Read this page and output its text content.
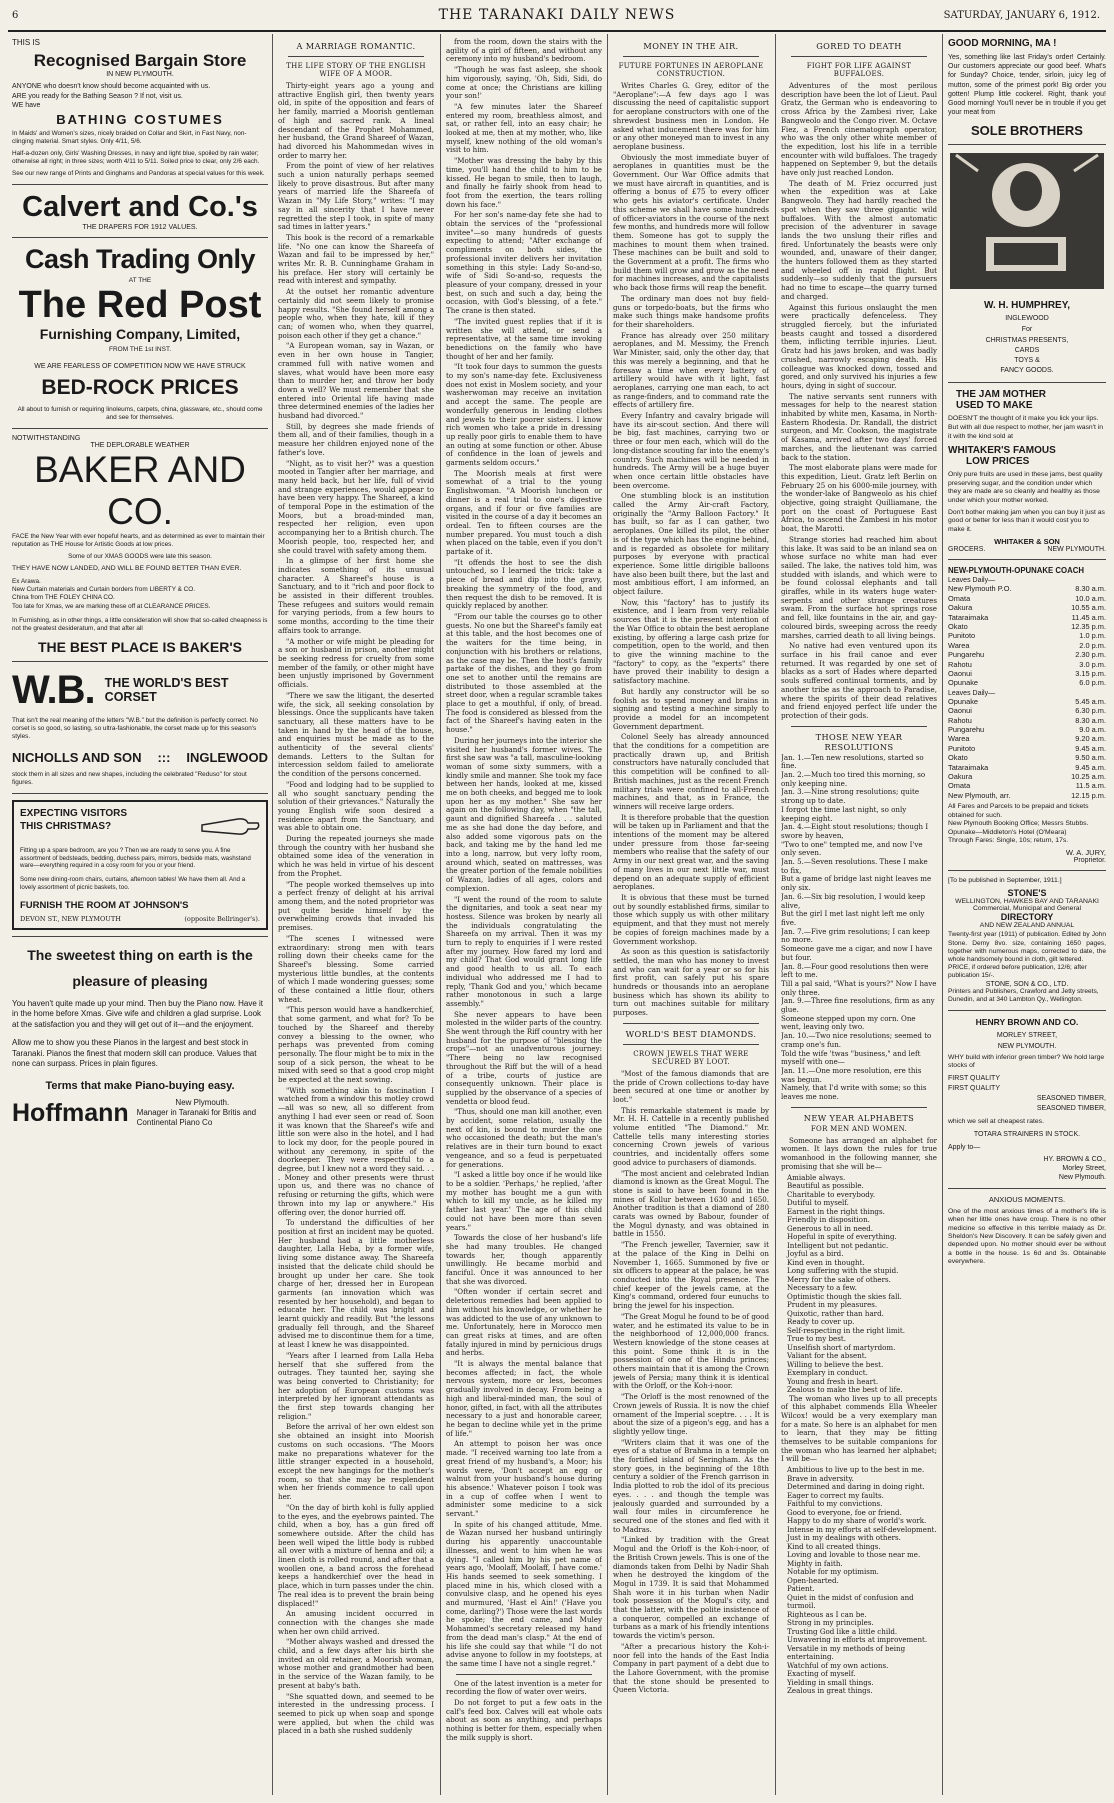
6	THE TARANAKI DAILY NEWS	SATURDAY, JANUARY 6, 1912.
THIS IS
Recognised Bargain Store
IN NEW PLYMOUTH.
ANYONE who doesn't know should become acquainted with us.
ARE you ready for the Bathing Season ? If not, visit us.
WE have
BATHING COSTUMES
In Maids' and Women's sizes, nicely braided on Collar and Skirt, in Fast Navy, non-clinging material. Smart styles. Only 4/11, 5/6.
Half-a-dozen only, Girls' Washing Dresses, in navy and light blue, spoiled by rain water; otherwise all right; in three sizes; worth 4/11 to 5/11. Soiled price to clear, only 2/6 each.
See our new range of Prints and Ginghams and Pandoras at special values for this week.
Calvert and Co.'s
THE DRAPERS FOR 1912 VALUES.
Cash Trading Only
AT THE
The Red Post
Furnishing Company, Limited,
FROM THE 1st INST.
WE ARE FEARLESS OF COMPETITION NOW WE HAVE STRUCK
BED-ROCK PRICES
All about to furnish or requiring linoleums, carpets, china, glassware, etc., should come and see for themselves.
NOTWITHSTANDING
THE DEPLORABLE WEATHER
BAKER AND CO.
FACE the New Year with ever hopeful hearts, and as determined as ever to maintain their reputation as THE House for Artistic Goods at low prices.
Some of our XMAS GOODS were late this season.
THEY HAVE NOW LANDED, AND WILL BE FOUND BETTER THAN EVER.
Ex Arawa.
New Curtain materials and Curtain borders from LIBERTY & CO.
China from THE FOLEY CHINA CO.
Too late for Xmas, we are marking these off at CLEARANCE PRICES.
In Furnishing, as in other things, a little consideration will show that so-called cheapness is not the greatest desideratum, and that after all
THE BEST PLACE IS BAKER'S
W.B. THE WORLD'S BEST CORSET
That isn't the real meaning of the letters "W.B." but the definition is perfectly correct. No corset is so good, so lasting, so ultra-fashionable, the corset made up for this season's styles.
NICHOLLS AND SON ::: INGLEWOOD
stock them in all sizes and new shapes, including the celebrated "Reduso" for stout figures.
EXPECTING VISITORS
THIS CHRISTMAS?
Fitting up a spare bedroom, are you ? Then we are ready to serve you. A fine assortment of bedsteads, bedding, duchess pairs, mirrors, bedside mats, washstand ware—everything required in a cosy room for you or your friend.
Some new dining-room chairs, curtains, afternoon tables! We have them all. And a lovely assortment of picnic baskets, too.
FURNISH THE ROOM AT JOHNSON'S
DEVON ST., NEW PLYMOUTH	(opposite Bellringer's).
The sweetest thing on earth is the
pleasure of pleasing
You haven't quite made up your mind. Then buy the Piano now. Have it in the home before Xmas. Give wife and children a glad surprise. Look at the satisfaction you and they will get out of it—and the enjoyment.
Allow me to show you these Pianos in the largest and best stock in Taranaki. Pianos the finest that modern skill can produce. Values that none can surpass. Prices in plain figures.
Terms that make Piano-buying easy.
Hoffmann	New Plymouth.
Manager in Taranaki for Britis and Continental Piano Co
A MARRIAGE ROMANTIC.
THE LIFE STORY OF THE ENGLISH WIFE OF A MOOR.

Thirty-eight years ago a young and attractive English girl, then twenty years old, in spite of the opposition and fears of her family, married a Moorish gentleman of high and sacred rank. A lineal descendant of the Prophet Mohammed, her husband, the Grand Shareef of Wazan, had divorced his Mahommedan wives in order to marry her.

From the point of view of her relatives such a union naturally perhaps seemed likely to prove disastrous. But after many years of married life the Shareefa of Wazan in "My Life Story," writes: "I may say in all sincerity that I have never regretted the step I took, in spite of many sad times in latter years."

This book is the record of a remarkable life. "No one can know the Shareefa of Wazan and fail to be impressed by her," writes Mr. R. B. Cunninghame Graham in his preface. Her story will certainly be read with interest and sympathy.

At the outset her romantic adventure certainly did not seem likely to promise happy results. "She found herself among a people who, when they hate, kill if they can; of women who, when they quarrel, poison each other if they get a chance."

"A European woman, say in Wazan, or even in her own house in Tangier, crammed full with native women and slaves, what would have been more easy than to murder her, and throw her body down a well? We must remember that she entered into Oriental life having made three determined enemies of the ladies her husband had divorced."

Still, by degrees she made friends of them all, and of their families, though in a measure her children enjoyed none of the father's love.

"Night, as to visit her?" was a question mooted in Tangier after her marriage, and many held back, but her life, full of vivid and strange experiences, would appear to have been very happy. The Shareef, a kind of temporal Pope in the estimation of the Moors, but a broad-minded man, respected her religion, even upon accompanying her to a British church. The Moorish people, too, respected her, and she could travel with safety among them.

In a glimpse of her first home she indicates something of its unusual character. A Shareef's house is a Sanctuary, and to it "rich and poor flock to be assisted in their different troubles. These refugees and suitors would remain for varying periods, from a few hours to some months, according to the time their affairs took to arrange.

"A mother or wife might be pleading for a son or husband in prison, another might be seeking redress for cruelty from some member of the family, or other might have been unjustly imprisoned by Government officials.

"There we saw the litigant, the deserted wife, the sick, all seeking consolation by blessings. Once the supplicants have taken sanctuary, all these matters have to be taken in hand by the head of the house, and enquiries must be made as to the authenticity of the several clients' demands. Letters to the Sultan for intercession seldom failed to ameliorate the condition of the persons concerned.

"Food and lodging had to be supplied to all who sought sanctuary pending the solution of their grievances." Naturally the young English wife soon desired a residence apart from the Sanctuary, and was able to obtain one.

During the repeated journeys she made through the country with her husband she obtained some idea of the veneration in which he was held in virtue of his descent from the Prophet.

"The people worked themselves up into a perfect frenzy of delight at his arrival among them, and the noted proprietor was put quite beside himself by the overwhelming crowds that invaded his premises.

"The scenes I witnessed were extraordinary: strong men with tears rolling down their cheeks came for the Shareef's blessing. Some carried mysterious little bundles, at the contents of which I made wondering guesses; some of these contained a little flour, others wheat.

"This person would have a handkerchief, that some garment, and what for? To be touched by the Shareef and thereby convey a blessing to the owner, who perhaps was prevented from coming personally. The flour might be to mix in the soup of a sick person, the wheat to be mixed with seed so that a good crop might be expected at the next sowing.

"With something akin to fascination I watched from a window this motley crowd—all was so new, all so different from anything I had ever seen or read of. Soon it was known that the Shareef's wife and little son were also in the hotel, and I had to lock my door, for the people poured in without any ceremony, in spite of the doorkeeper. They were respectful to a degree, but I knew not a word they said. . . . Money and other presents were thrust upon us, and there was no chance of refusing or returning the gifts, which were thrown into my lap or anywhere." His offering over, the donor hurried off.

To understand the difficulties of her position at first an incident may be quoted. Her husband had a little motherless daughter, Lalla Heba, by a former wife, living some distance away. The Shareefa insisted that the delicate child should be brought up under her care. She took charge of her, dressed her in European garments (an innovation which was resented by her household), and began to educate her. The child was bright and learnt quickly and readily. But "the lessons gradually fell through, and the Shareef advised me to discontinue them for a time, at least I knew he was disappointed.

"Years after I learned from Lalla Heba herself that she suffered from the outrages. They taunted her, saying she was being converted to Christianity; for her adoption of European customs was interpreted by her ignorant attendants as the first step towards changing her religion."

Before the arrival of her own eldest son she obtained an insight into Moorish customs on such occasions. "The Moors make no preparations whatever for the little stranger expected in a household, except the new hangings for the mother's room, so that she may be resplendent when her friends commence to call upon her.

"On the day of birth kohl is fully applied to the eyes, and the eyebrows painted. The child, when a boy, has a gun fired off somewhere outside. After the child has been well wiped the little body is rubbed all over with a mixture of henna and oil; a linen cloth is rolled round, and after that a woollen one, a band across the forehead keeps a handkerchief over the head in place, which in turn passes under the chin. The real idea is to prevent the brain being displaced!"

An amusing incident occurred in connection with the changes she made when her own child arrived.

"Mother always washed and dressed the child, and a few days after his birth she invited an old retainer, a Moorish woman, whose mother and grandmother had been in the service of the Wazan family, to be present at baby's bath.

"She squatted down, and seemed to be interested in the undressing process. I seemed to pick up when soap and sponge were applied, but when the child was placed in a bath she rushed suddenly

from the room, down the stairs with the agility of a girl of fifteen, and without any ceremony into my husband's bedroom.

"Though he was fast asleep, she shook him vigorously, saying, 'Oh, Sidi, Sidi, do come at once; the Christians are killing your son!'

"A few minutes later the Shareef entered my room, breathless almost, and sat, or rather fell, into an easy chair; he looked at me, then at my mother, who, like myself, knew nothing of the old woman's visit to him.

"Mother was dressing the baby by this time, you'll hand the child to him to be kissed. He began to smile, then to laugh, and finally he fairly shook from head to foot from the exertion, the tears rolling down his face."

For her son's name-day fete she had to obtain the services of the "professional invitee"—so many hundreds of guests expecting to attend; "After exchange of compliments on both sides, the professional inviter delivers her invitation something in this style: Lady So-and-so, wife of Sidi So-and-so, requests the pleasure of your company, dressed in your best, on such and such a day, being the occasion, with God's blessing, of a fete." The crane is then stated.

"The invited guest replies that if it is written she will attend, or send a representative, at the same time invoking benedictions on the family who have thought of her and her family.

"It took four days to summon the guests to my son's name-day fete. Exclusiveness does not exist in Moslem society, and your washerwoman may receive an invitation and accept the same. The people are wonderfully generous in lending clothes and jewels to their poorer sisters. I know rich women who take a pride in dressing up really poor girls to enable them to have an outing at some function or other. Abuse of confidence in the loan of jewels and garments seldom occurs."

The Moorish meals at first were somewhat of a trial to the young Englishwoman. "A Moorish luncheon or dinner is a real trial to one's digestive organs, and if four or five families are visited in the course of a day it becomes an ordeal. Ten to fifteen courses are the number prepared. You must touch a dish when placed on the table, even if you don't partake of it.

"It offends the host to see the dish untouched, so I learned the trick: take a piece of bread and dip into the gravy, breaking the symmetry of the food, and then request the dish to be removed. It is quickly replaced by another.

"From our table the courses go to other guests. No one but the Shareef's family eat at this table, and the host becomes one of the waiters for the time being, in conjunction with his brothers or relations, as the case may be. Then the host's family partake of the dishes, and they go from one set to another until the remains are distributed to those assembled at the street door, when a regular scramble takes place to get a mouthful, if only, of bread. The food is considered as blessed from the fact of the Shareef's having eaten in the house."

During her journeys into the interior she visited her husband's former wives. The first she saw was "a tall, masculine-looking woman of some sixty summers, with a kindly smile and manner. She took my face between her hands, looked at me, kissed me on both cheeks, and begged me to look upon her as my mother." She saw her again on the following day, when "the tall, gaunt and dignified Shareefa . . . saluted me as she had done the day before, and also added some vigorous pats on the back, and taking me by the hand led me into a long, narrow, but very lofty room, around which, seated on mattresses, was the greater portion of the female nobilities of Wazan, ladies of all ages, colors and complexion.

"I went the round of the room to salute the dignitaries, and took a seat near my hostess. Silence was broken by nearly all the individuals congratulating the Shareefa on my arrival. Then it was my turn to reply to enquiries if I were rested after my journey. How fared my lord and my child? That God would grant long life and good health to us all. To each individual who addressed me I had to reply, 'Thank God and you,' which became rather monotonous in such a large assembly."

She never appears to have been molested in the wilder parts of the country. She went through the Riff country with her husband for the purpose of "blessing the crops"—not an unadventurous journey: "There being no law recognised throughout the Riff but the will of a head of a tribe, courts of justice are consequently unknown. Their place is supplied by the observance of a species of vendetta or blood feud.

"Thus, should one man kill another, even by accident, some relation, usually the next of kin, is bound to murder the one who occasioned the death; but the man's relatives are in their turn bound to exact vengeance, and so a feud is perpetuated for generations.

"I asked a little boy once if he would like to be a soldier. 'Perhaps,' he replied, 'after my mother has bought me a gun with which to kill my uncle, as he killed my father last year.' The age of this child could not have been more than seven years."

Towards the close of her husband's life she had many troubles. He changed towards her, though apparently unwillingly. He became morbid and fanciful. Once it was announced to her that she was divorced.

"Often wonder if certain secret and deleterious remedies had been applied to him without his knowledge, or whether he was addicted to the use of any unknown to me. Unfortunately, here in Morocco men can great risks at times, and are often fatally injured in mind by pernicious drugs and herbs.

"It is always the mental balance that becomes affected; in fact, the whole nervous system, more or less, becomes gradually involved in decay. From being a high and liberal-minded man, the soul of honor, gifted, in fact, with all the attributes necessary to a just and honorable career, he began to decline while yet in the prime of life."

An attempt to poison her was once made. "I received warning too late from a great friend of my husband's, a Moor; his words were, 'Don't accept an egg or walnut from your husband's house during his absence.' Whatever poison I took was in a cup of coffee when I went to administer some medicine to a sick servant."

In spite of his changed attitude, Mme. de Wazan nursed her husband untiringly during his apparently unaccountable illnesses, and went to him when he was dying. "I called him by his pet name of years ago, 'Moolaff, Moolaff, I have come.' His hands seemed to seek something. I placed mine in his, which closed with a convulsive clasp, and he opened his eyes and murmured, 'Hast el Ain!' ('Have you come, darling?') Those were the last words he spoke; the end came, and Muley Mohammed's secretary released my hand from the dead man's clasp." At the end of his life she could say that while "I do not advise anyone to follow in my footsteps, at the same time I have not a single regret."

One of the latest invention is a meter for recording the flow of water over weirs.

Do not forget to put a few oats in the calf's feed box. Calves will eat whole oats about as soon as anything, and perhaps nothing is better for them, especially when the milk supply is short.

MONEY IN THE AIR.
FUTURE FORTUNES IN AEROPLANE CONSTRUCTION.

Writes Charles G. Grey, editor of the "Aeroplane":—A few days ago I was discussing the need of capitalistic support for aeroplane constructors with one of the shrewdest business men in London. He asked what inducement there was for him or any other moneyed man to invest in any aeroplane business.

Obviously the most immediate buyer of aeroplanes in quantities must be the Government. Our War Office admits that we must have aircraft in quantities, and is offering a bonus of £75 to every officer who gets his aviator's certificate. Under this scheme we shall have some hundreds of officer-aviators in the course of the next few months, and hundreds more will follow them. Someone has got to supply the machines to mount them when trained. These machines can be built and sold to the Government at a profit. The firms who build them will grow and grow as the need for machines increases, and the capitalists who back those firms will reap the benefit.

The ordinary man does not buy field-guns or torpedo-boats, but the firms who make such things make handsome profits for their shareholders.

France has already over 250 military aeroplanes, and M. Messimy, the French War Minister, said, only the other day, that this was merely a beginning, and that he foresaw a time when every battery of artillery would have with it light, fast aeroplanes, carrying one man each, to act as range-finders, and to command rate the effects of artillery fire.

Every Infantry and cavalry brigade will have its air-scout section. And there will be big, fast machines, carrying two or three or four men each, which will do the long-distance scouting far into the enemy's country. Such machines will be needed in hundreds. The Army will be a huge buyer when once certain little obstacles have been overcome.

One stumbling block is an institution called the Army Air-craft Factory, originally the "Army Balloon Factory." It has built, so far as I can gather, two aeroplanes. One killed its pilot, the other is of the type which has the engine behind, and is regarded as obsolete for military purposes by everyone with practical experience. Some little dirigible balloons have also been built there, but the last and most ambitious effort, I am informed, an object failure.

Now, this "factory" has to justify its existence, and I learn from very reliable sources that it is the present intention of the War Office to obtain the best aeroplane existing, by offering a large cash prize for competition, open to the world, and then to give the winning machine to the "factory" to copy, as the "experts" there have proved their inability to design a satisfactory machine.

But hardly any constructor will be so foolish as to spend money and brains in signing and testing a machine simply to provide a model for an incompetent Government department.

Colonel Seely has already announced that the conditions for a competition are practically drawn up, and British constructors have naturally concluded that this competition will be confined to all-British machines, just as the recent French military trials were confined to all-French machines, and that, as in France, the winners will receive large orders.

It is therefore probable that the question will be taken up in Parliament and that the intentions of the moment may be altered under pressure from those far-seeing members who realise that the safety of our Army in our next great war, and the saving of many lives in our next little war, must depend on an adequate supply of efficient aeroplanes.

It is obvious that these must be turned out by soundly established firms, similar to those which supply us with other military equipment, and that they must not merely be copies of foreign machines made by a Government workshop.

As soon as this question is satisfactorily settled, the man who has money to invest and who can wait for a year or so for his first profit, can safely put his spare hundreds or thousands into an aeroplane business which has shown its ability to turn out machines suitable for military purposes.

WORLD'S BEST DIAMONDS.
CROWN JEWELS THAT WERE SECURED BY LOOT.

"Most of the famous diamonds that are the pride of Crown collections to-day have been secured at one time or another by loot."

This remarkable statement is made by Mr. H. H. Cattelle in a recently published volume entitled "The Diamond." Mr. Cattelle tells many interesting stories concerning Crown jewels of various countries, and incidentally offers some good advice to purchasers of diamonds.

"The most ancient and celebrated Indian diamond is known as the Great Mogul. The stone is said to have been found in the mines of Kollur between 1630 and 1650. Another tradition is that a diamond of 280 carats was owned by Babour, founder of the Mogul dynasty, and was obtained in battle in 1550.

"The French jeweller, Tavernier, saw it at the palace of the King in Delhi on November 1, 1665. Summoned by five or six officers to appear at the palace, he was conducted into the Royal presence. The chief keeper of the jewels came, at the King's command, ordered four eunuchs to bring the jewel for his inspection.

"The Great Mogul he found to be of good water, and he estimated its value to be in the neighborhood of 12,000,000 francs. Western knowledge of the stone ceases at this point. Some think it is in the possession of one of the Hindu princes; others maintain that it is among the Crown jewels of Persia; many think it is identical with the Orloff, or the Koh-i-noor.

"The Orloff is the most renowned of the Crown jewels of Russia. It is now the chief ornament of the Imperial sceptre. . . . It is about the size of a pigeon's egg, and has a slightly yellow tinge.

"Writers claim that it was one of the eyes of a statue of Brahma in a temple on the fortified island of Seringham. As the story goes, in the beginning of the 18th century a soldier of the French garrison in India plotted to rob the idol of its precious eyes. . . . and though the temple was jealously guarded and surrounded by a wall four miles in circumference he secured one of the stones and fled with it to Madras.

"Linked by tradition with the Great Mogul and the Orloff is the Koh-i-noor, of the British Crown jewels. This is one of the diamonds taken from Delhi by Nadir Shah when he destroyed the kingdom of the Mogul in 1739. It is said that Mohammed Shah wore it in his turban when Nadir took possession of the Mogul's city, and that the latter, with the polite insistence of a conqueror, compelled an exchange of turbans as a mark of his friendly intentions towards the victim's person.

"After a precarious history the Koh-i-noor fell into the hands of the East India Company in part payment of a debt due to the Lahore Government, with the promise that the stone should be presented to Queen Victoria.

GORED TO DEATH
FIGHT FOR LIFE AGAINST BUFFALOES.

Adventures of the most perilous description have been the lot of Lieut. Paul Gratz, the German who is endeavoring to cross Africa by the Zambesi river, Lake Bangweolo and the Congo river. M. Octave Fiez, a French cinematograph operator, who was the only other white member of the expedition, lost his life in a terrible encounter with wild buffaloes. The tragedy happened on September 9, but the details have only just reached London.

The death of M. Friez occurred just when the expedition was at Lake Bangweolo. They had hardly reached the spot when they saw three gigantic wild buffaloes. With the almost automatic precision of the adventurer in savage lands the two unslung their rifles and fired. Unfortunately the beasts were only wounded, and, unaware of their danger, the hunters followed them as they started and wheeled off in rapid flight. But suddenly—so suddenly that the pursuers had no time to escape—the quarry turned and charged.

Against this furious onslaught the men were practically defenceless. They struggled fiercely, but the infuriated beasts caught and tossed a disordered them, inflicting terrible injuries. Lieut. Gratz had his jaws broken, and was badly crushed, narrowly escaping death. His colleague was knocked down, tossed and gored, and only survived his injuries a few hours, dying in sight of succour.

The native servants sent runners with messages for help to the nearest station inhabited by white men, Kasama, in North-Eastern Rhodesia. Dr. Randall, the district surgeon, and Mr. Cookson, the magistrate of Kasama, arrived after two days' forced marches, and the lieutenant was carried back to the station.

The most elaborate plans were made for this expedition, Lieut. Gratz left Berlin on February 25 on his 6000-mile journey, with the wonder-lake of Bangweolo as his chief objective, going straight Quilliamane, the port on the coast of Portuguese East Africa, to ascend the Zambesi in his motor boat, the Marotti.

Strange stories had reached him about this lake. It was said to be an inland sea on whose surface no white man had ever sailed. The lake, the natives told him, was studded with islands, and which were to be found colossal elephants and tall giraffes, while in its waters huge water-serpents and other strange creatures swam. From the surface hot springs rose and fell, like fountains in the air, and gay-coloured birds, sweeping across the reedy marshes, carried death to all living beings.

No native had even ventured upon its surface in his frail canoe and ever returned. It was regarded by one set of blacks as a sort of Hades where departed souls suffered continual torments, and by another tribe as the approach to Paradise, where the spirits of their dead relatives and friend enjoyed perfect life under the protection of their gods.

THOSE NEW YEAR RESOLUTIONS
Jan. 1.—Ten new resolutions, started so fine.
Jan. 2.—Much too tired this morning, so only keeping nine.
Jan. 3.—Nine strong resolutions; quite strong up to date.
I forgot the time last night, so only keeping eight.
Jan. 4.—Eight stout resolutions; though I swore by heaven,
"Two to one" tempted me, and now I've only seven.
Jan. 5.—Seven resolutions. These I make to fix,
But a game of bridge last night leaves me only six.
Jan. 6.—Six big resolution, I would keep alive,
But the girl I met last night left me only five.
Jan. 7.—Five grim resolutions; I can keep no more.
Someone gave me a cigar, and now I have but four.
Jan. 8.—Four good resolutions then were left to me.
Till a pal said, "What is yours?" Now I have only three.
Jan. 9.—Three fine resolutions, firm as any glue.
Someone stepped upon my corn. One went, leaving only two.
Jan. 10.—Two nice resolutions; seemed to cramp one's fun.
Told the wife 'twas "business," and left myself with one—
Jan. 11.—One more resolution, ere this was begun.
Namely, that I'd write with some; so this leaves me none.
NEW YEAR ALPHABETS
FOR MEN AND WOMEN.

Someone has arranged an alphabet for women. It lays down the rules for true womanhood in the following manner, she promising that she will be—

Amiable always.
Beautiful as possible.
Charitable to everybody.
Dutiful to myself.
Earnest in the right things.
Friendly in disposition.
Generous to all in need.
Hopeful in spite of everything.
Intelligent but not pedantic.
Joyful as a bird.
Kind even in thought.
Long suffering with the stupid.
Merry for the sake of others.
Necessary to a few.
Optimistic though the skies fall.
Prudent in my pleasures.
Quixotic, rather than hard.
Ready to cover up.
Self-respecting in the right limit.
True to my best.
Unselfish short of martyrdom.
Valiant for the absent.
Willing to believe the best.
Exemplary in conduct.
Young and fresh in heart.
Zealous to make the best of life.

The woman who lives up to all precepts of this alphabet commends Ella Wheeler Wilcox! would be a very exemplary man for a mate. So here is an alphabet for men to learn, that they may be fitting themselves to be suitable companions for the woman who has learned her alphabet; I will be—

Ambitious to live up to the best in me.
Brave in adversity.
Determined and daring in doing right.
Eager to correct my faults.
Faithful to my convictions.
Good to everyone, foe or friend.
Happy to do my share of world's work.
Intense in my efforts at self-development.
Just in my dealings with others.
Kind to all created things.
Loving and lovable to those near me.
Mighty in faith.
Notable for my optimism.
Open-hearted.
Patient.
Quiet in the midst of confusion and turmoil.
Righteous as I can be.
Strong in my principles.
Trusting God like a little child.
Unwavering in efforts at improvement.
Versatile in my methods of being entertaining.
Watchful of my own actions.
Exacting of myself.
Yielding in small things.
Zealous in great things.
GOOD MORNING, MA !
Yes, something like last Friday's order! Certainly. Our customers appreciate our good beef. What's for Sunday? Choice, tender, sirloin, juicy leg of mutton, some of the primest pork! Big order you gotten! Plump little cockerel. Right, thank you! Good morning! You'll never be in trouble if you get your meat from
SOLE BROTHERS
W. H. HUMPHREY,
INGLEWOOD
For
CHRISTMAS PRESENTS,
CARDS
TOYS &
FANCY GOODS.
THE JAM MOTHER
USED TO MAKE
DOESN'T the thought of it make you lick your lips. But with all due respect to mother, her jam wasn't in it with the kind sold at
WHITAKER'S FAMOUS
LOW PRICES
Only pure fruits are used in these jams, best quality preserving sugar, and the condition under which they are made are so cleanly and healthy as those under which your mother worked.
Don't bother making jam when you can buy it just as good or better for less than it would cost you to make it.
WHITAKER & SON
GROCERS.	NEW PLYMOUTH.
NEW-PLYMOUTH-OPUNAKE COACH
Leaves Daily—
New Plymouth P.O.	8.30 a.m.
Omata	10.0 a.m.
Oakura	10.55 a.m.
Tataraimaka	11.45 a.m.
Okato	12.35 p.m.
Punitoto	1.0 p.m.
Warea	2.0 p.m.
Pungarehu	2.30 p.m.
Rahotu	3.0 p.m.
Oaonui	3.15 p.m.
Opunake	6.0 p.m.
Leaves Daily—
Opunake	5.45 a.m.
Oaonui	6.30 p.m.
Rahotu	8.30 a.m.
Pungarehu	9.0 a.m.
Warea	9.20 a.m.
Punitoto	9.45 a.m.
Okato	9.50 a.m.
Tataraimaka	9.45 a.m.
Oakura	10.25 a.m.
Omata	11.5 a.m.
New Plymouth, arr.	12.15 p.m.
All Fares and Parcels to be prepaid and tickets obtained for such.
New Plymouth Booking Office; Messrs Stubbs.
Opunake—Middleton's Hotel (O'Meara)
Through Fares: Single, 10s; return, 17s.
W. A. JURY,
Proprietor.
[To be published in September, 1911.]
STONE'S
WELLINGTON, HAWKES BAY AND TARANAKI
Commercial, Municipal and General
DIRECTORY
AND NEW ZEALAND ANNUAL
Twenty-first year (1911) of publication. Edited by John Stone. Demy 8vo. size, containing 1650 pages, together with numerous maps, corrected to date, the whole handsomely bound in cloth, gilt lettered.
PRICE, if ordered before publication, 12/6; after publication 15/-.
STONE, SON & CO., LTD.
Printers and Publishers, Crawford and Jetty streets, Dunedin, and at 340 Lambton Qy., Wellington.
HENRY BROWN AND CO.
MORLEY STREET,
NEW PLYMOUTH.
WHY build with inferior green timber? We hold large stocks of
FIRST QUALITY
FIRST QUALITY
SEASONED TIMBER,
SEASONED TIMBER,
which we sell at cheapest rates.
TOTARA STRAINERS IN STOCK.
Apply to—
HY. BROWN & CO.,
Morley Street,
New Plymouth.
ANXIOUS MOMENTS.
One of the most anxious times of a mother's life is when her little ones have croup. There is no other medicine so effective in this terrible malady as Dr. Sheldon's New Discovery. It can be safely given and depended upon. No mother should ever be without a bottle in the house. 1s 6d and 3s. Obtainable everywhere.
